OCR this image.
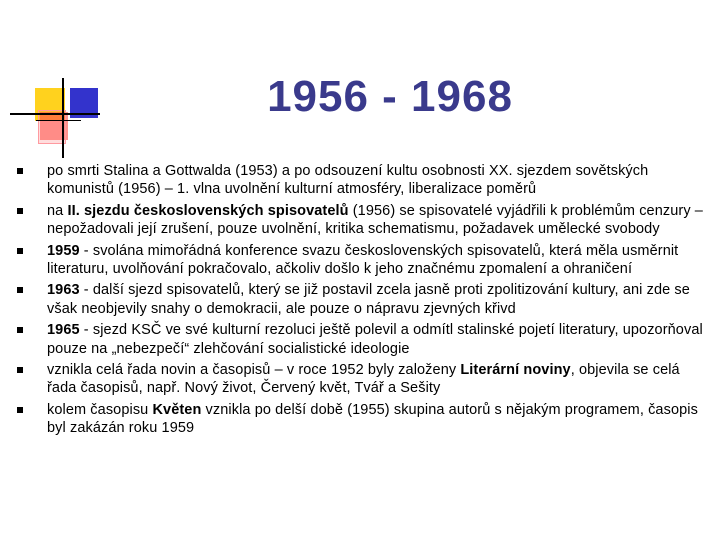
1956 - 1968
po smrti Stalina a Gottwalda (1953) a po odsouzení kultu osobnosti XX. sjezdem sovětských komunistů (1956) – 1. vlna uvolnění kulturní atmosféry, liberalizace poměrů
na II. sjezdu československých spisovatelů (1956) se spisovatelé vyjádřili k problémům cenzury – nepožadovali její zrušení, pouze uvolnění, kritika schematismu, požadavek umělecké svobody
1959 - svolána mimořádná konference svazu československých spisovatelů, která měla usměrnit literaturu, uvolňování pokračovalo, ačkoliv došlo k jeho značnému zpomalení a ohraničení
1963 - další sjezd spisovatelů, který se již postavil zcela jasně proti zpolitizování kultury, ani zde se však neobjevily snahy o demokracii, ale pouze o nápravu zjevných křivd
1965 - sjezd KSČ ve své kulturní rezoluci ještě polevil a odmítl stalinské pojetí literatury, upozorňoval pouze na „nebezpečí“ zlehčování socialistické ideologie
vznikla celá řada novin a časopisů – v roce 1952 byly založeny Literární noviny, objevila se celá řada časopisů, např. Nový život, Červený květ, Tvář a Sešity
kolem časopisu Květen vznikla po delší době (1955) skupina autorů s nějakým programem, časopis byl zakázán roku 1959
